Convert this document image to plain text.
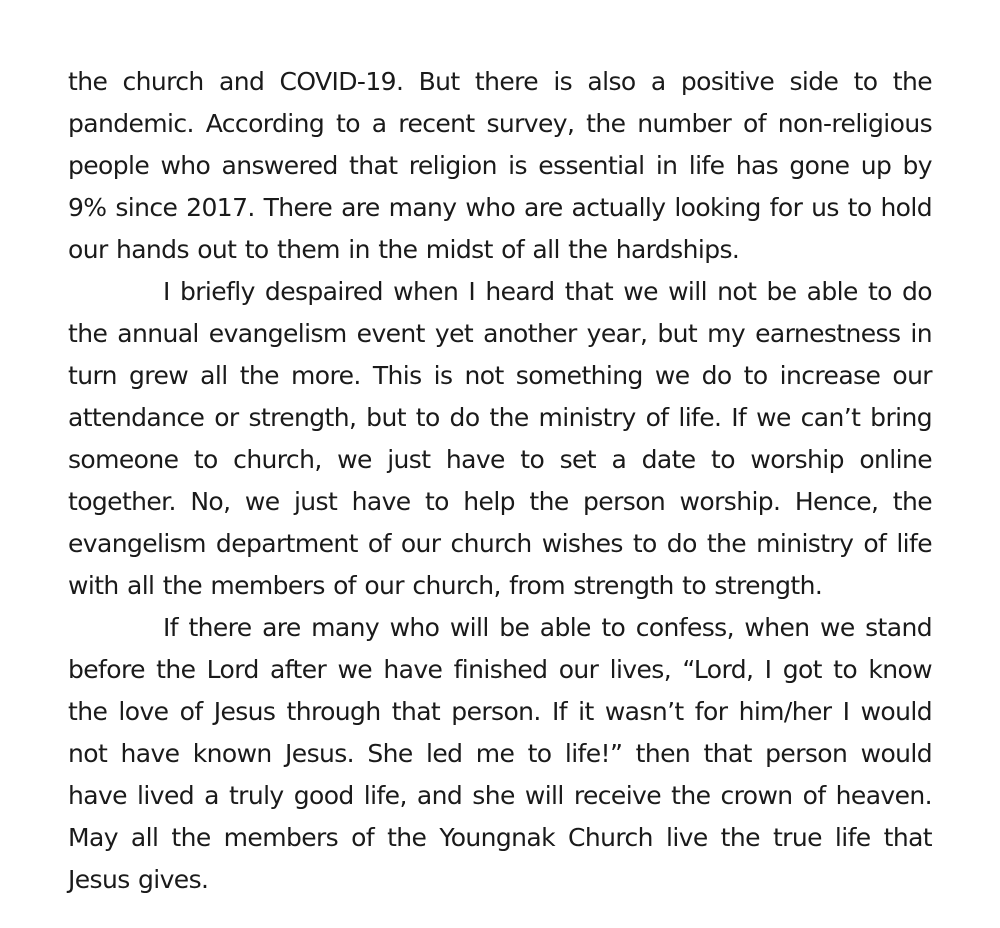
the church and COVID-19. But there is also a positive side to the pandemic. According to a recent survey, the number of non-religious people who answered that religion is essential in life has gone up by 9% since 2017. There are many who are actually looking for us to hold our hands out to them in the midst of all the hardships.

I briefly despaired when I heard that we will not be able to do the annual evangelism event yet another year, but my earnestness in turn grew all the more. This is not something we do to increase our attendance or strength, but to do the ministry of life. If we can’t bring someone to church, we just have to set a date to worship online together. No, we just have to help the person worship. Hence, the evangelism department of our church wishes to do the ministry of life with all the members of our church, from strength to strength.

If there are many who will be able to confess, when we stand before the Lord after we have finished our lives, “Lord, I got to know the love of Jesus through that person. If it wasn’t for him/her I would not have known Jesus. She led me to life!” then that person would have lived a truly good life, and she will receive the crown of heaven. May all the members of the Youngnak Church live the true life that Jesus gives.
